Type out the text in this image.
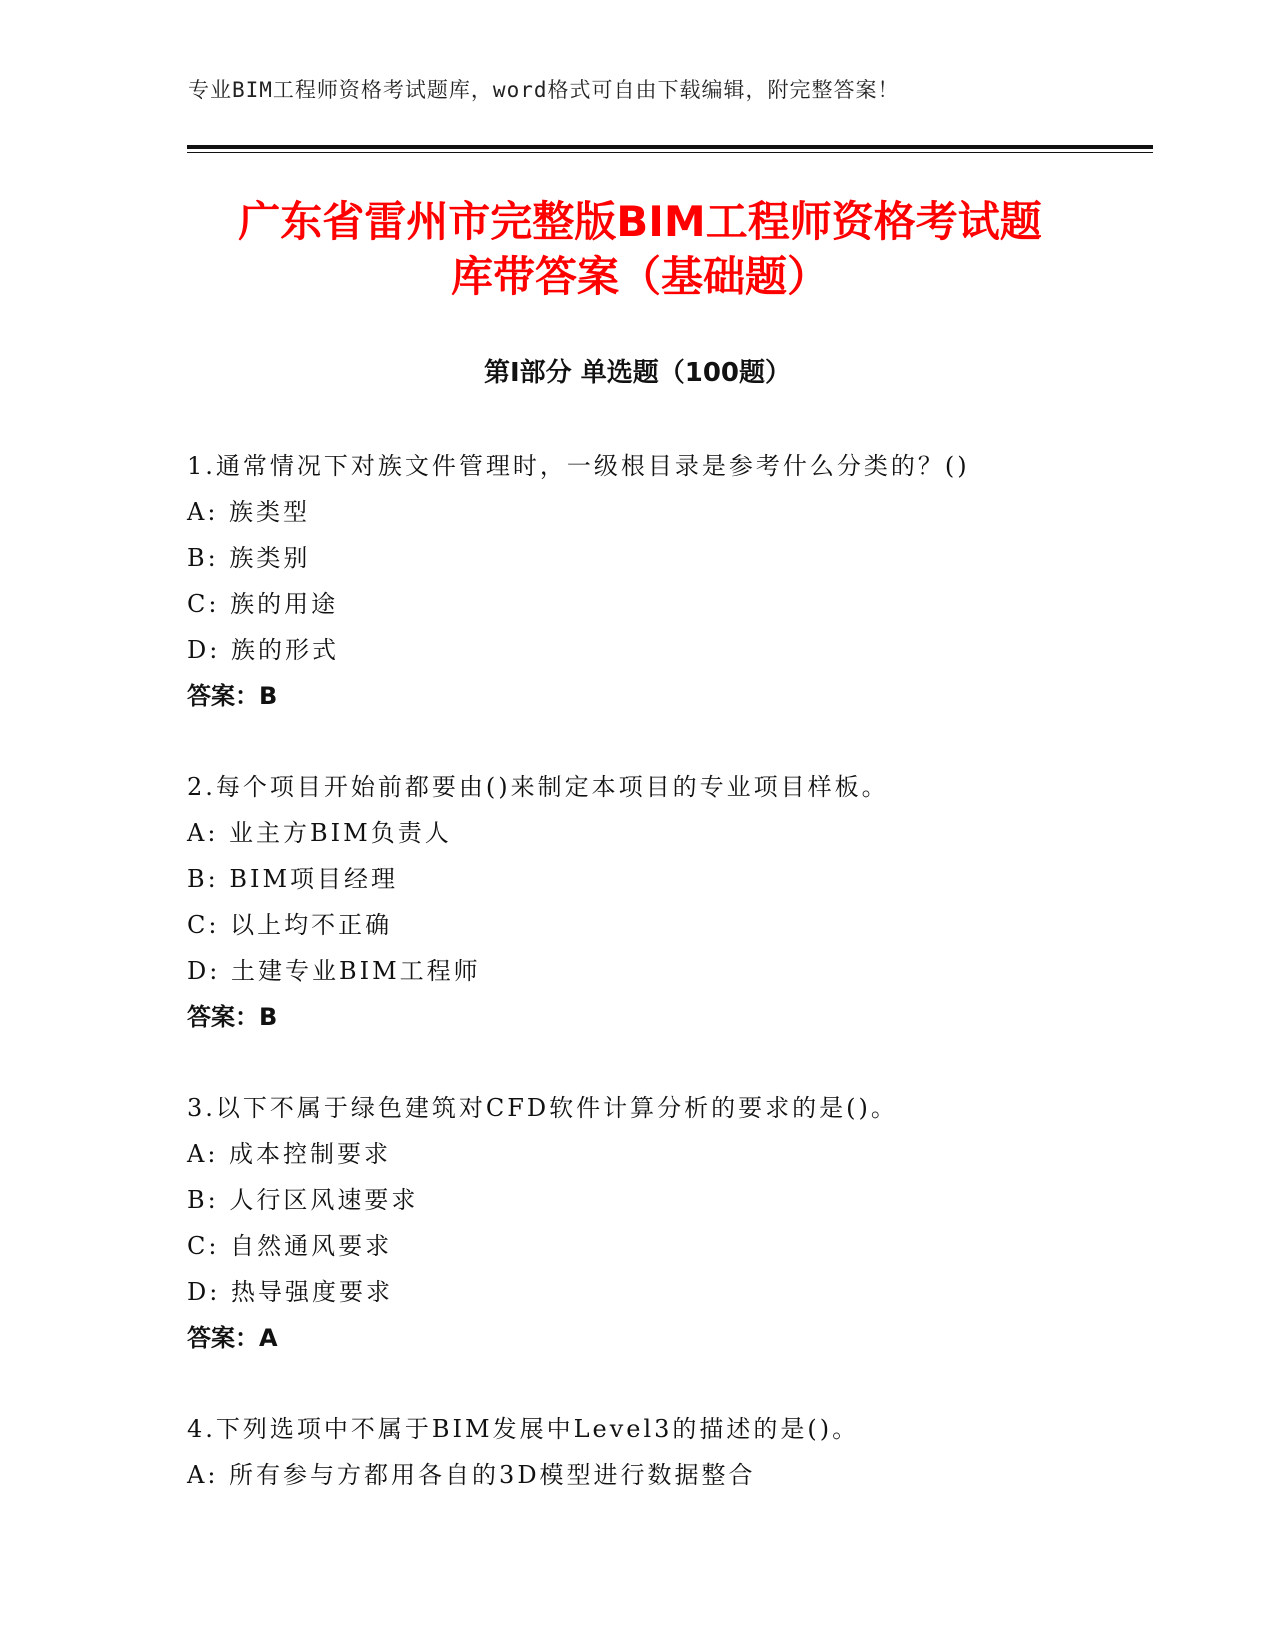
专业BIM工程师资格考试题库，word格式可自由下载编辑，附完整答案！
广东省雷州市完整版BIM工程师资格考试题
库带答案（基础题）
第Ⅰ部分 单选题（100题）
1.通常情况下对族文件管理时，一级根目录是参考什么分类的？()
A: 族类型
B: 族类别
C: 族的用途
D: 族的形式
答案：B
2.每个项目开始前都要由()来制定本项目的专业项目样板。
A: 业主方BIM负责人
B: BIM项目经理
C: 以上均不正确
D: 土建专业BIM工程师
答案：B
3.以下不属于绿色建筑对CFD软件计算分析的要求的是()。
A: 成本控制要求
B: 人行区风速要求
C: 自然通风要求
D: 热导强度要求
答案：A
4.下列选项中不属于BIM发展中Level3的描述的是()。
A: 所有参与方都用各自的3D模型进行数据整合
